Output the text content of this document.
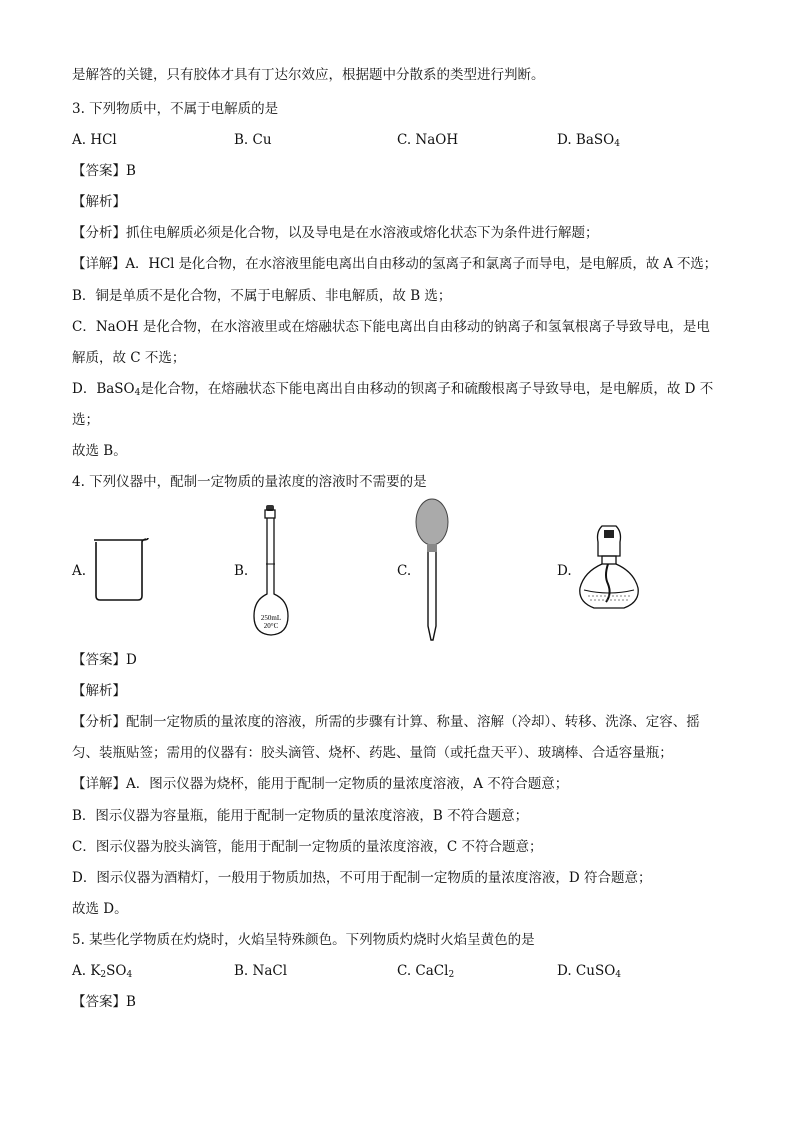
是解答的关键，只有胶体才具有丁达尔效应，根据题中分散系的类型进行判断。
3. 下列物质中，不属于电解质的是
A. HCl	B. Cu	C. NaOH	D. BaSO$_4$
【答案】B
【解析】
【分析】抓住电解质必须是化合物，以及导电是在水溶液或熔化状态下为条件进行解题；
【详解】A．HCl 是化合物，在水溶液里能电离出自由移动的氢离子和氯离子而导电，是电解质，故 A 不选；
B．铜是单质不是化合物，不属于电解质、非电解质，故 B 选；
C．NaOH 是化合物，在水溶液里或在熔融状态下能电离出自由移动的钠离子和氢氧根离子导致导电，是电
解质，故 C 不选；
D．BaSO$_4$是化合物，在熔融状态下能电离出自由移动的钡离子和硫酸根离子导致导电，是电解质，故 D 不
选；
故选 B。
4. 下列仪器中，配制一定物质的量浓度的溶液时不需要的是
A.	B.	C.	D.
250mL
20°C
【答案】D
【解析】
【分析】配制一定物质的量浓度的溶液，所需的步骤有计算、称量、溶解（冷却）、转移、洗涤、定容、摇
匀、装瓶贴签；需用的仪器有：胶头滴管、烧杯、药匙、量筒（或托盘天平）、玻璃棒、合适容量瓶；
【详解】A．图示仪器为烧杯，能用于配制一定物质的量浓度溶液，A 不符合题意；
B．图示仪器为容量瓶，能用于配制一定物质的量浓度溶液，B 不符合题意；
C．图示仪器为胶头滴管，能用于配制一定物质的量浓度溶液，C 不符合题意；
D．图示仪器为酒精灯，一般用于物质加热，不可用于配制一定物质的量浓度溶液，D 符合题意；
故选 D。
5. 某些化学物质在灼烧时，火焰呈特殊颜色。下列物质灼烧时火焰呈黄色的是
A. $K_2SO_4$	B. NaCl	C. CaCl$_2$	D. CuSO$_4$
【答案】B
